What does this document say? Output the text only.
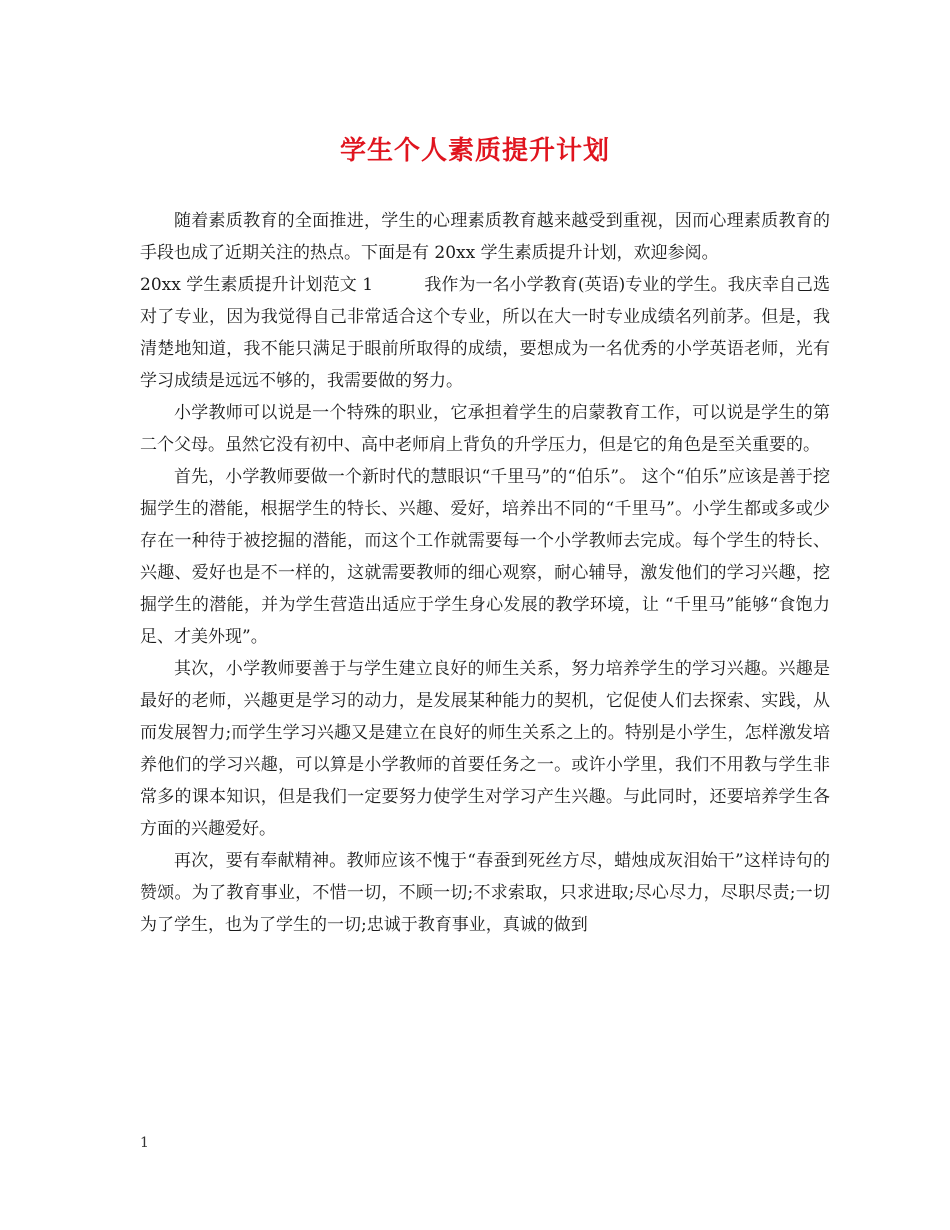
学生个人素质提升计划

随着素质教育的全面推进，学生的心理素质教育越来越受到重视，因而心理素质教育的手段也成了近期关注的热点。下面是有 20xx 学生素质提升计划，欢迎参阅。

20xx 学生素质提升计划范文 1　　　我作为一名小学教育(英语)专业的学生。我庆幸自己选对了专业，因为我觉得自己非常适合这个专业，所以在大一时专业成绩名列前茅。但是，我清楚地知道，我不能只满足于眼前所取得的成绩，要想成为一名优秀的小学英语老师，光有学习成绩是远远不够的，我需要做的努力。

小学教师可以说是一个特殊的职业，它承担着学生的启蒙教育工作，可以说是学生的第二个父母。虽然它没有初中、高中老师肩上背负的升学压力，但是它的角色是至关重要的。

首先，小学教师要做一个新时代的慧眼识“千里马”的“伯乐”。 这个“伯乐”应该是善于挖掘学生的潜能，根据学生的特长、兴趣、爱好，培养出不同的“千里马”。小学生都或多或少存在一种待于被挖掘的潜能，而这个工作就需要每一个小学教师去完成。每个学生的特长、兴趣、爱好也是不一样的，这就需要教师的细心观察，耐心辅导，激发他们的学习兴趣，挖掘学生的潜能，并为学生营造出适应于学生身心发展的教学环境，让 “千里马”能够“食饱力足、才美外现”。

其次，小学教师要善于与学生建立良好的师生关系，努力培养学生的学习兴趣。兴趣是最好的老师，兴趣更是学习的动力，是发展某种能力的契机，它促使人们去探索、实践，从而发展智力;而学生学习兴趣又是建立在良好的师生关系之上的。特别是小学生，怎样激发培养他们的学习兴趣，可以算是小学教师的首要任务之一。或许小学里，我们不用教与学生非常多的课本知识，但是我们一定要努力使学生对学习产生兴趣。与此同时，还要培养学生各方面的兴趣爱好。

再次，要有奉献精神。教师应该不愧于“春蚕到死丝方尽，蜡烛成灰泪始干”这样诗句的赞颂。为了教育事业，不惜一切，不顾一切;不求索取，只求进取;尽心尽力，尽职尽责;一切为了学生，也为了学生的一切;忠诚于教育事业，真诚的做到

1
